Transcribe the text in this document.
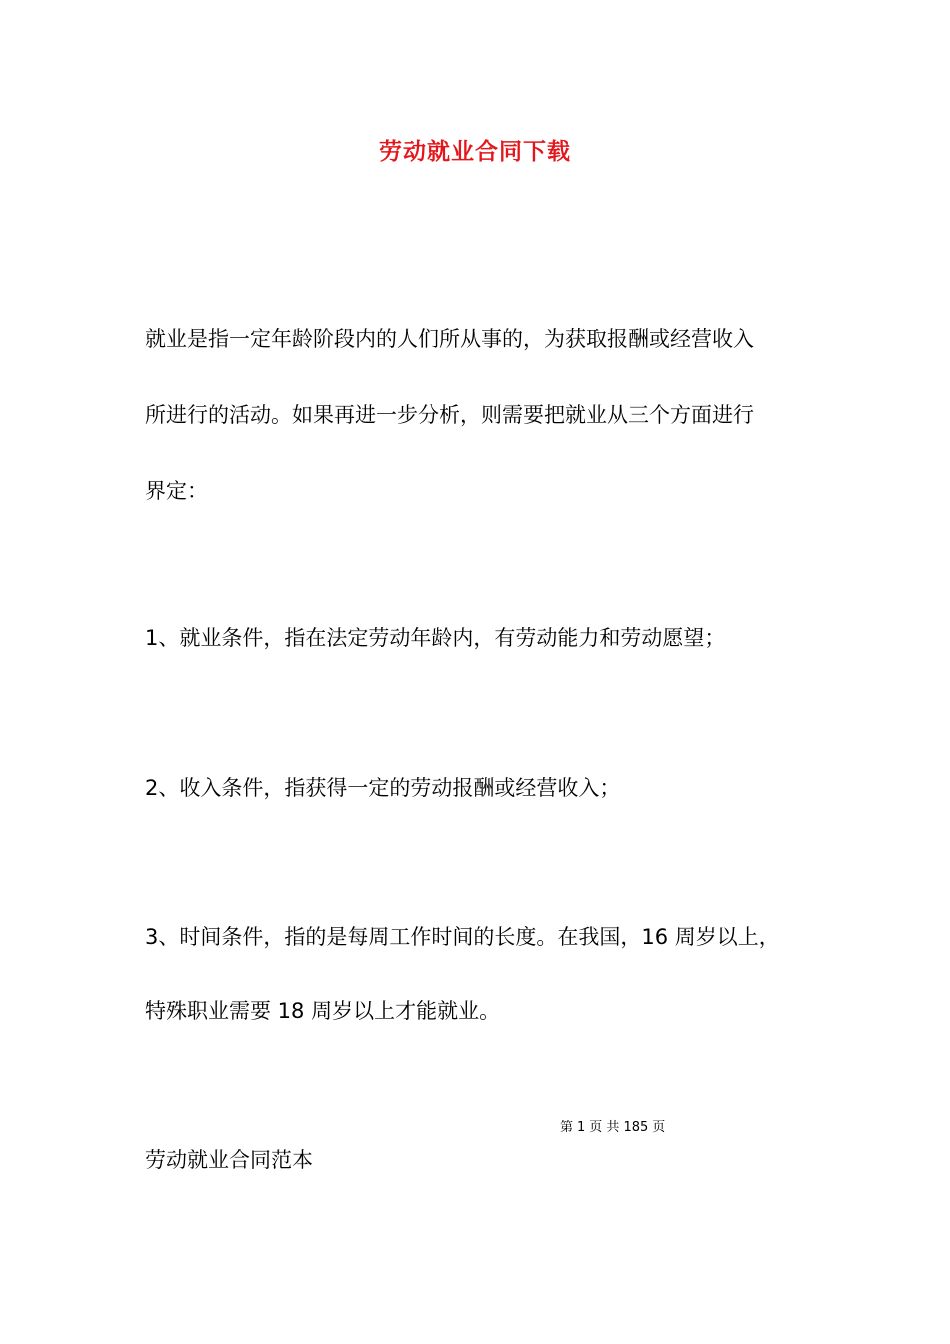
劳动就业合同下载

就业是指一定年龄阶段内的人们所从事的，为获取报酬或经营收入

所进行的活动。如果再进一步分析，则需要把就业从三个方面进行

界定：

1、就业条件，指在法定劳动年龄内，有劳动能力和劳动愿望；

2、收入条件，指获得一定的劳动报酬或经营收入；

3、时间条件，指的是每周工作时间的长度。在我国，16 周岁以上，

特殊职业需要 18 周岁以上才能就业。

第 1 页 共 185 页

劳动就业合同范本
